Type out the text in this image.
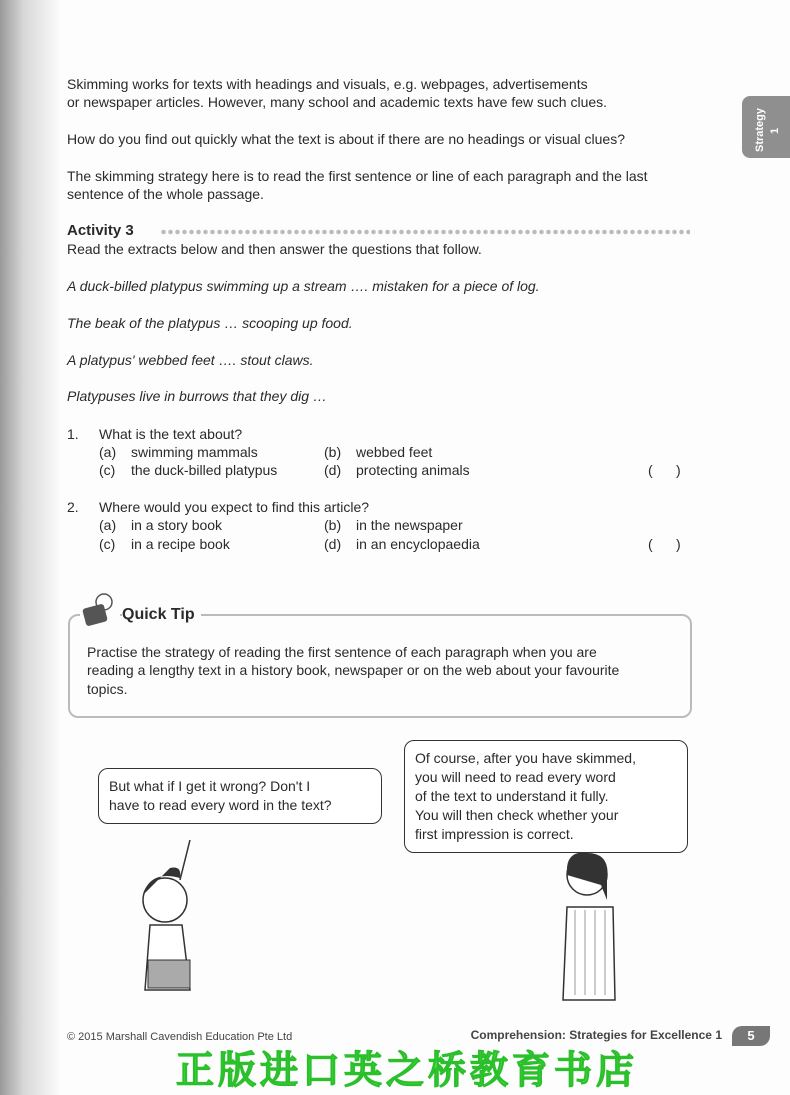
Skimming works for texts with headings and visuals, e.g. webpages, advertisements
or newspaper articles. However, many school and academic texts have few such clues.
How do you find out quickly what the text is about if there are no headings or visual clues?
The skimming strategy here is to read the first sentence or line of each paragraph and the last
sentence of the whole passage.
Strategy 1
Activity 3
Read the extracts below and then answer the questions that follow.
A duck-billed platypus swimming up a stream …. mistaken for a piece of log.
The beak of the platypus … scooping up food.
A platypus' webbed feet …. stout claws.
Platypuses live in burrows that they dig …
1. What is the text about?
(a) swimming mammals	(b) webbed feet
(c) the duck-billed platypus	(d) protecting animals	(      )
2. Where would you expect to find this article?
(a) in a story book	(b) in the newspaper
(c) in a recipe book	(d) in an encyclopaedia	(      )
Quick Tip
Practise the strategy of reading the first sentence of each paragraph when you are
reading a lengthy text in a history book, newspaper or on the web about your favourite
topics.
But what if I get it wrong? Don't I
have to read every word in the text?
Of course, after you have skimmed,
you will need to read every word
of the text to understand it fully.
You will then check whether your
first impression is correct.
© 2015 Marshall Cavendish Education Pte Ltd	Comprehension: Strategies for Excellence 1	5
正版进口英之桥教育书店
